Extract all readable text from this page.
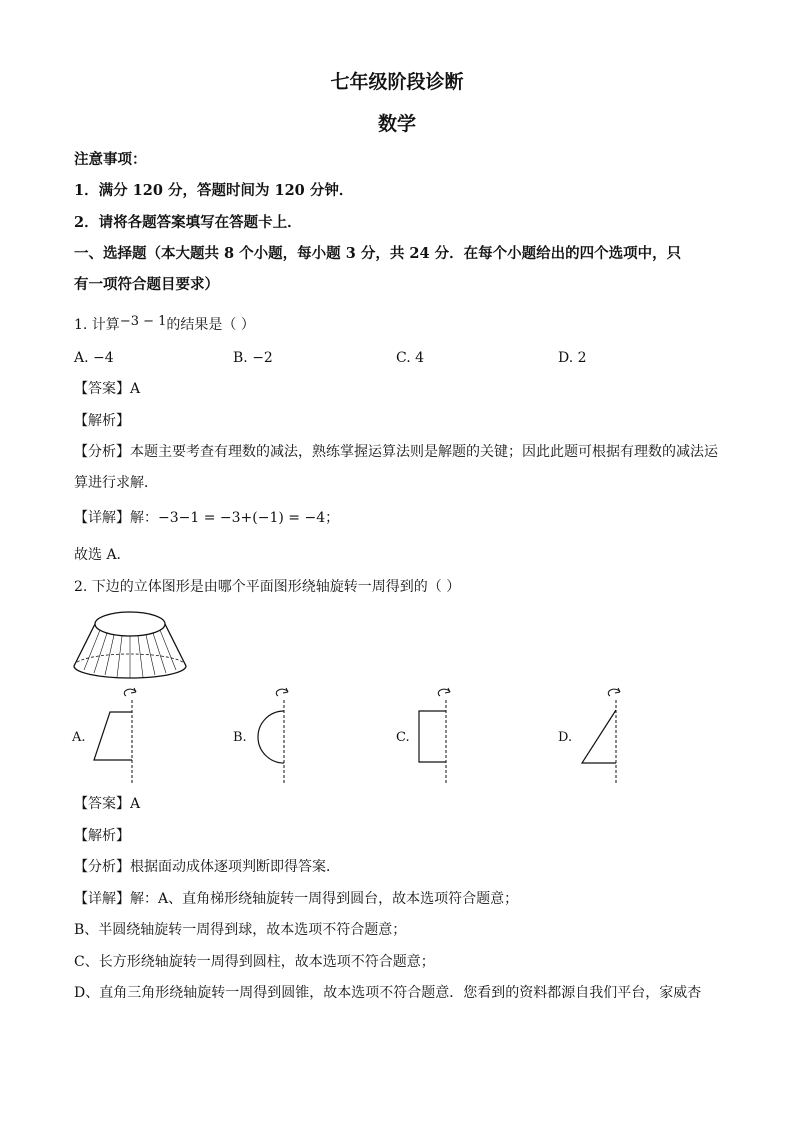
七年级阶段诊断
数学
注意事项：
1．满分 120 分，答题时间为 120 分钟．
2．请将各题答案填写在答题卡上．
一、选择题（本大题共 8 个小题，每小题 3 分，共 24 分．在每个小题给出的四个选项中，只
有一项符合题目要求）
1. 计算−3 − 1的结果是（ ）
A. −4	B. −2	C. 4	D. 2
【答案】A
【解析】
【分析】本题主要考查有理数的减法，熟练掌握运算法则是解题的关键；因此此题可根据有理数的减法运
算进行求解．
【详解】解：−3−1 = −3+(−1) = −4；
故选 A．
2. 下边的立体图形是由哪个平面图形绕轴旋转一周得到的（ ）
A.	B.	C.	D.
【答案】A
【解析】
【分析】根据面动成体逐项判断即得答案．
【详解】解：A、直角梯形绕轴旋转一周得到圆台，故本选项符合题意；
B、半圆绕轴旋转一周得到球，故本选项不符合题意；
C、长方形绕轴旋转一周得到圆柱，故本选项不符合题意；
D、直角三角形绕轴旋转一周得到圆锥，故本选项不符合题意．您看到的资料都源自我们平台，家威杏
